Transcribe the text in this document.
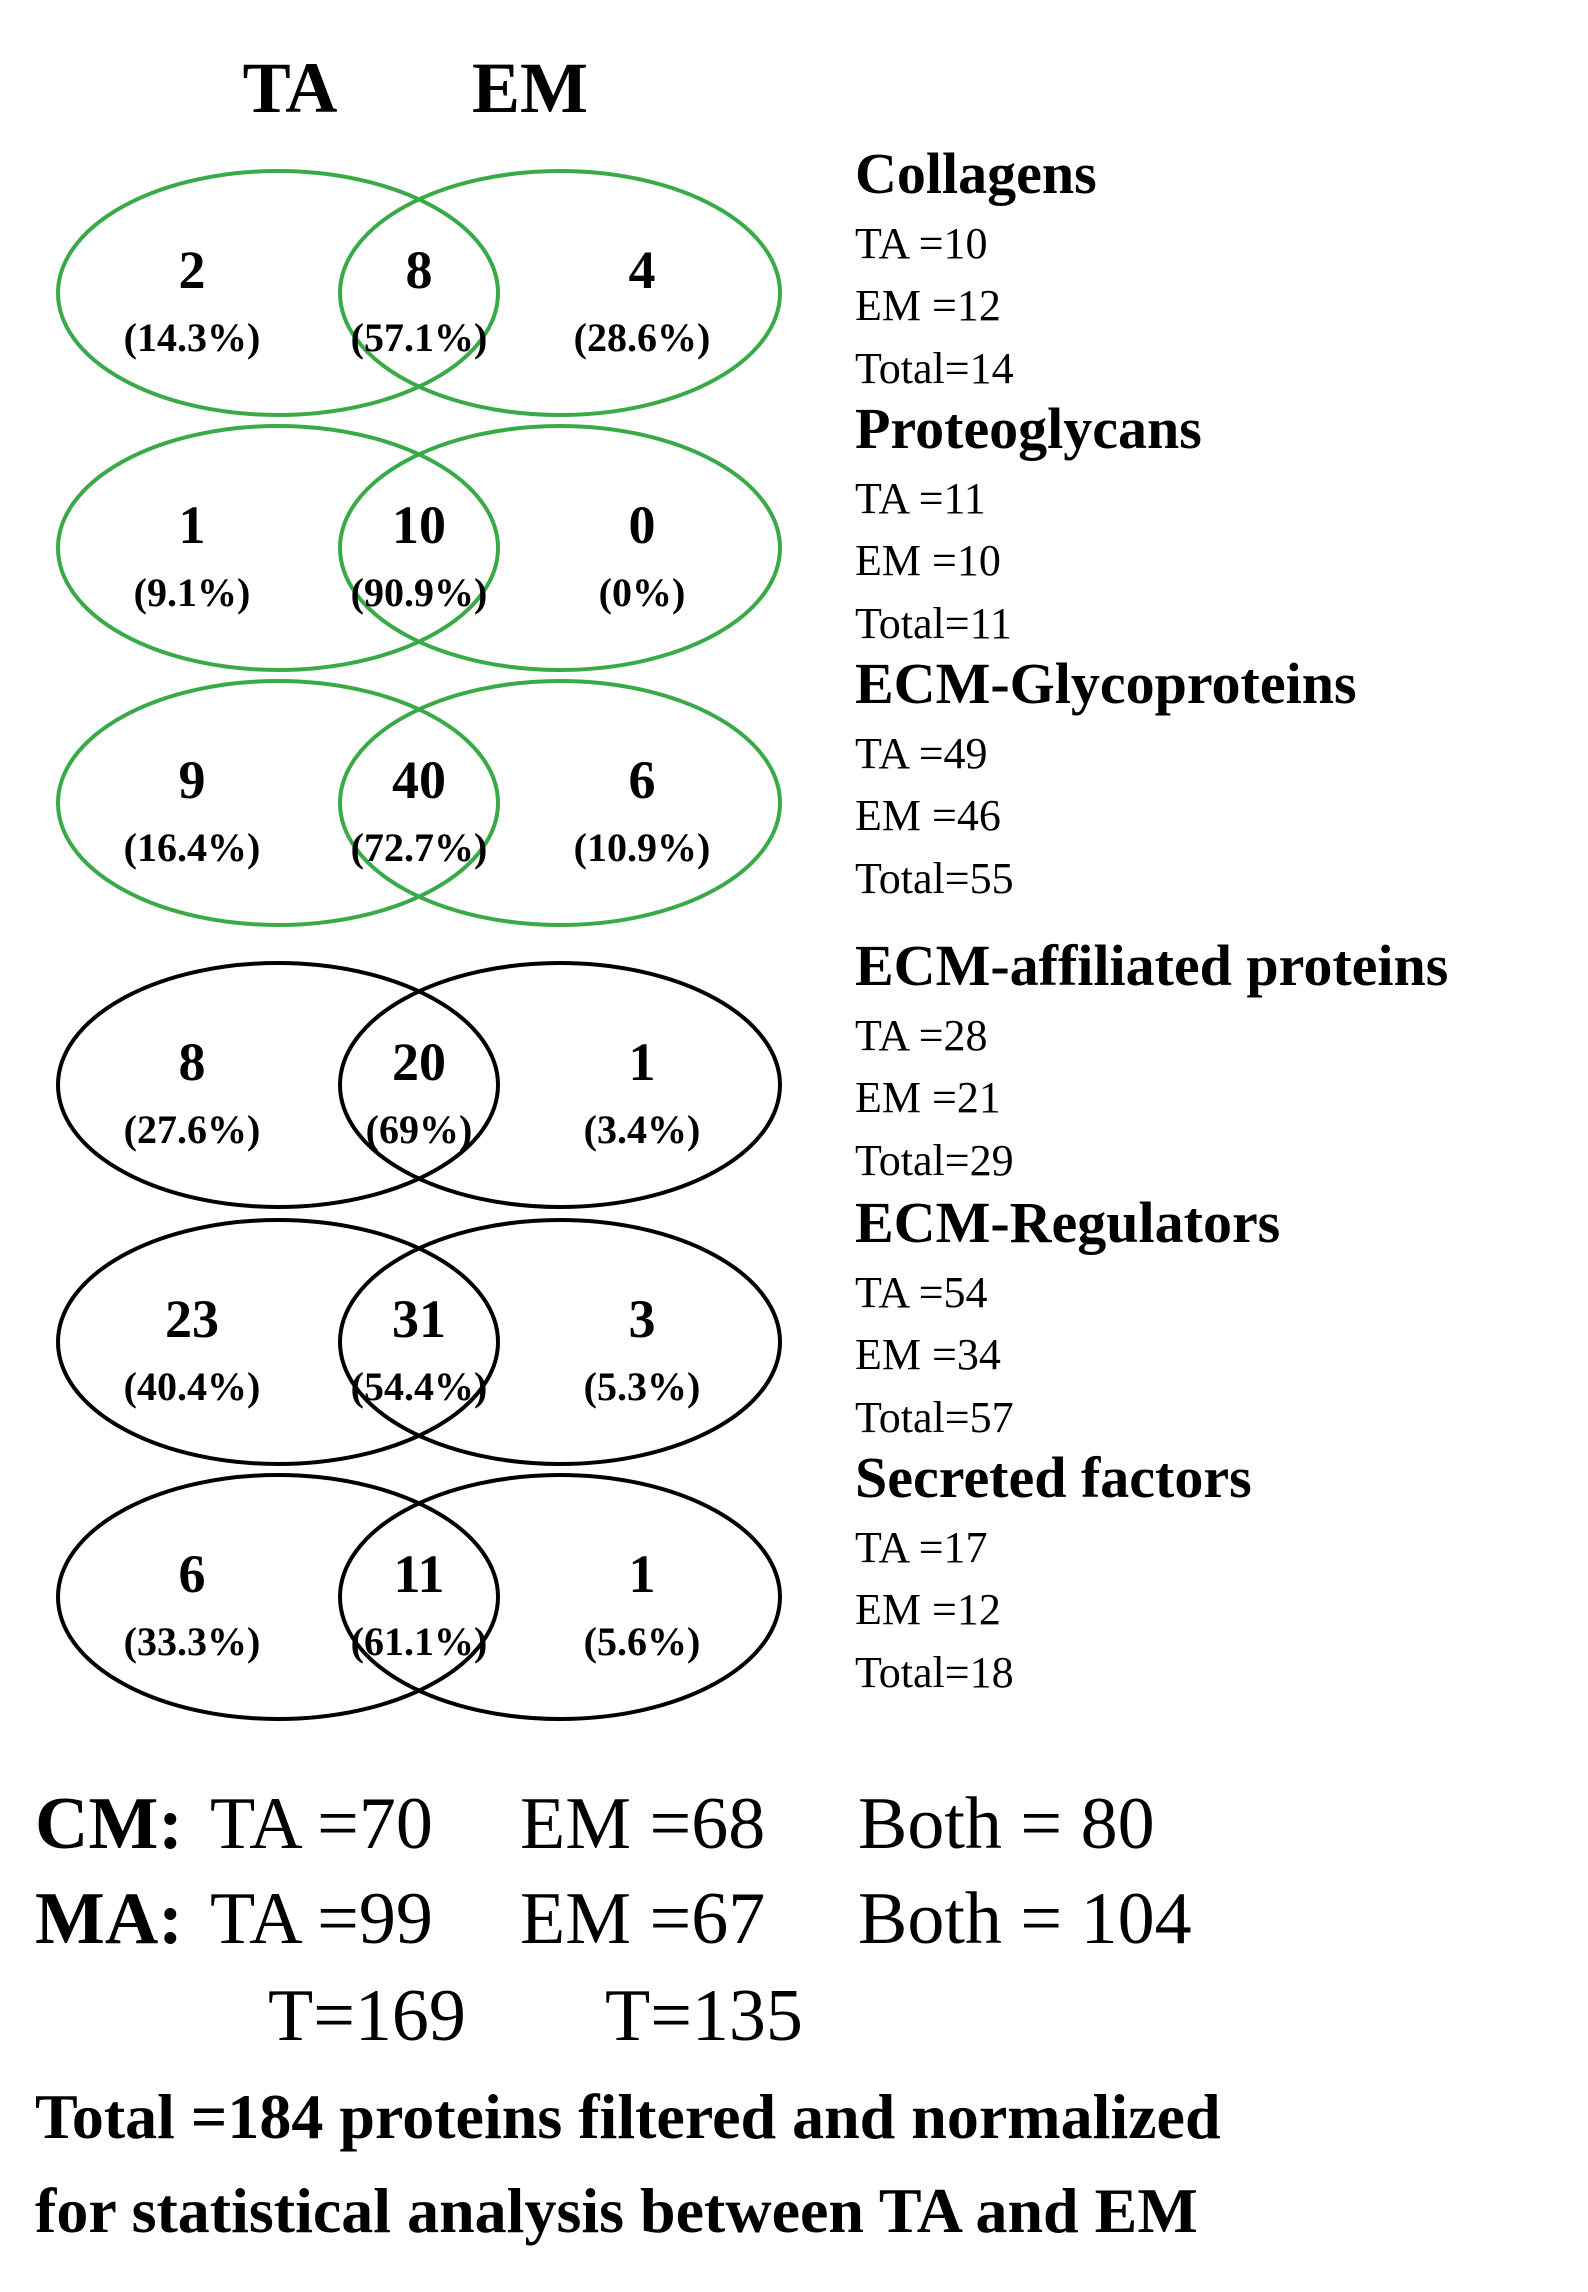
TA EM
2
(14.3%)
8
(57.1%)
4
(28.6%)
Collagens
TA =10
EM =12
Total=14
1
(9.1%)
10
(90.9%)
0
(0%)
Proteoglycans
TA =11
EM =10
Total=11
9
(16.4%)
40
(72.7%)
6
(10.9%)
ECM-Glycoproteins
TA =49
EM =46
Total=55
8
(27.6%)
20
(69%)
1
(3.4%)
ECM-affiliated proteins
TA =28
EM =21
Total=29
23
(40.4%)
31
(54.4%)
3
(5.3%)
ECM-Regulators
TA =54
EM =34
Total=57
6
(33.3%)
11
(61.1%)
1
(5.6%)
Secreted factors
TA =17
EM =12
Total=18
CM: TA =70 EM =68 Both = 80
MA: TA =99 EM =67 Both = 104
T=169 T=135
Total =184 proteins filtered and normalized
for statistical analysis between TA and EM
